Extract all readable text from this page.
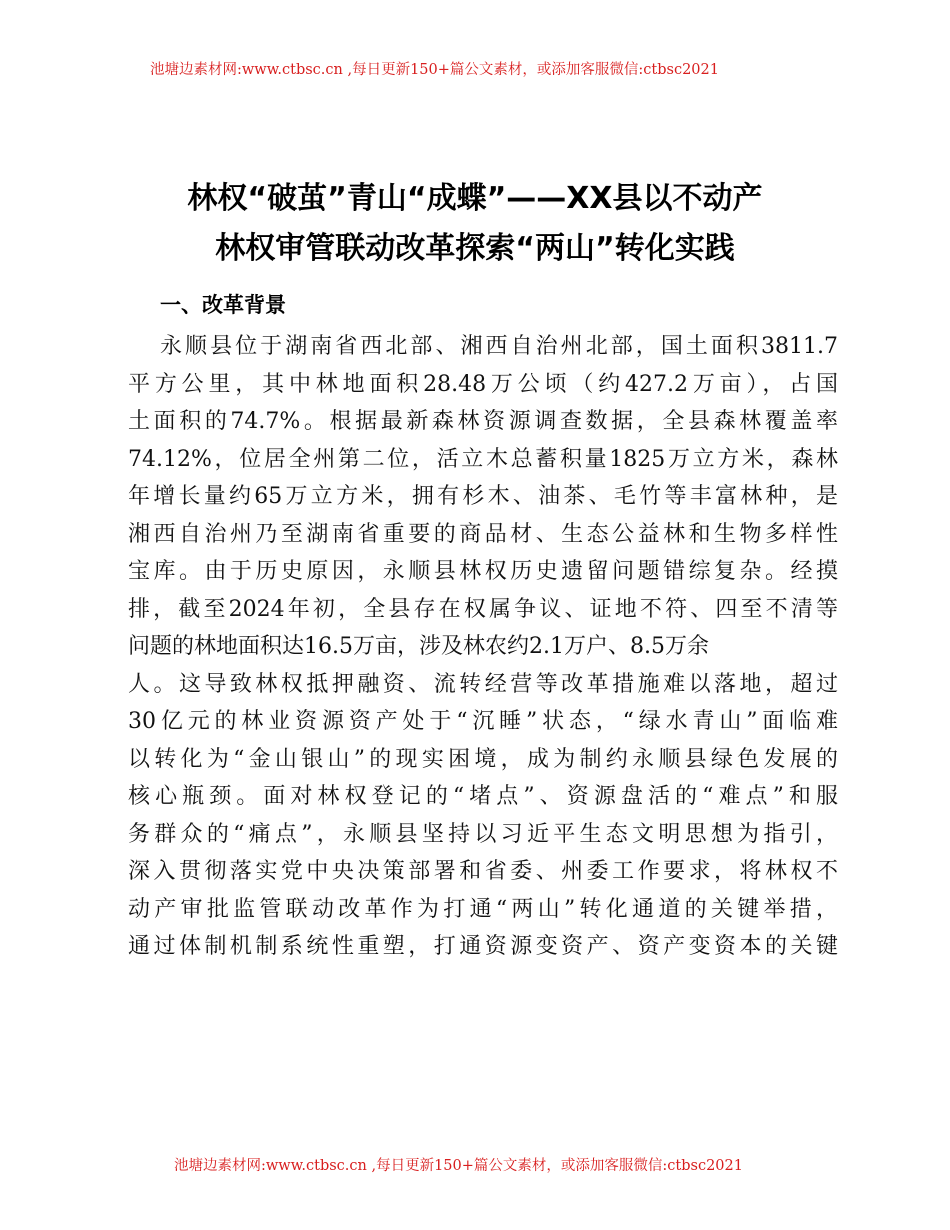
池塘边素材网:www.ctbsc.cn ,每日更新150+篇公文素材，或添加客服微信:ctbsc2021
林权“破茧”青山“成蝶”——XX县以不动产
林权审管联动改革探索“两山”转化实践
一、改革背景
永顺县位于湖南省西北部、湘西自治州北部，国土面积3811.7
平方公里，其中林地面积28.48万公顷（约427.2万亩），占国
土面积的74.7%。根据最新森林资源调查数据，全县森林覆盖率
74.12%，位居全州第二位，活立木总蓄积量1825万立方米，森林
年增长量约65万立方米，拥有杉木、油茶、毛竹等丰富林种，是
湘西自治州乃至湖南省重要的商品材、生态公益林和生物多样性
宝库。由于历史原因，永顺县林权历史遗留问题错综复杂。经摸
排，截至2024年初，全县存在权属争议、证地不符、四至不清等
问题的林地面积达16.5万亩，涉及林农约2.1万户、8.5万余
人。这导致林权抵押融资、流转经营等改革措施难以落地，超过
30亿元的林业资源资产处于“沉睡”状态，“绿水青山”面临难
以转化为“金山银山”的现实困境，成为制约永顺县绿色发展的
核心瓶颈。面对林权登记的“堵点”、资源盘活的“难点”和服
务群众的“痛点”，永顺县坚持以习近平生态文明思想为指引，
深入贯彻落实党中央决策部署和省委、州委工作要求，将林权不
动产审批监管联动改革作为打通“两山”转化通道的关键举措，
通过体制机制系统性重塑，打通资源变资产、资产变资本的关键
池塘边素材网:www.ctbsc.cn ,每日更新150+篇公文素材，或添加客服微信:ctbsc2021
